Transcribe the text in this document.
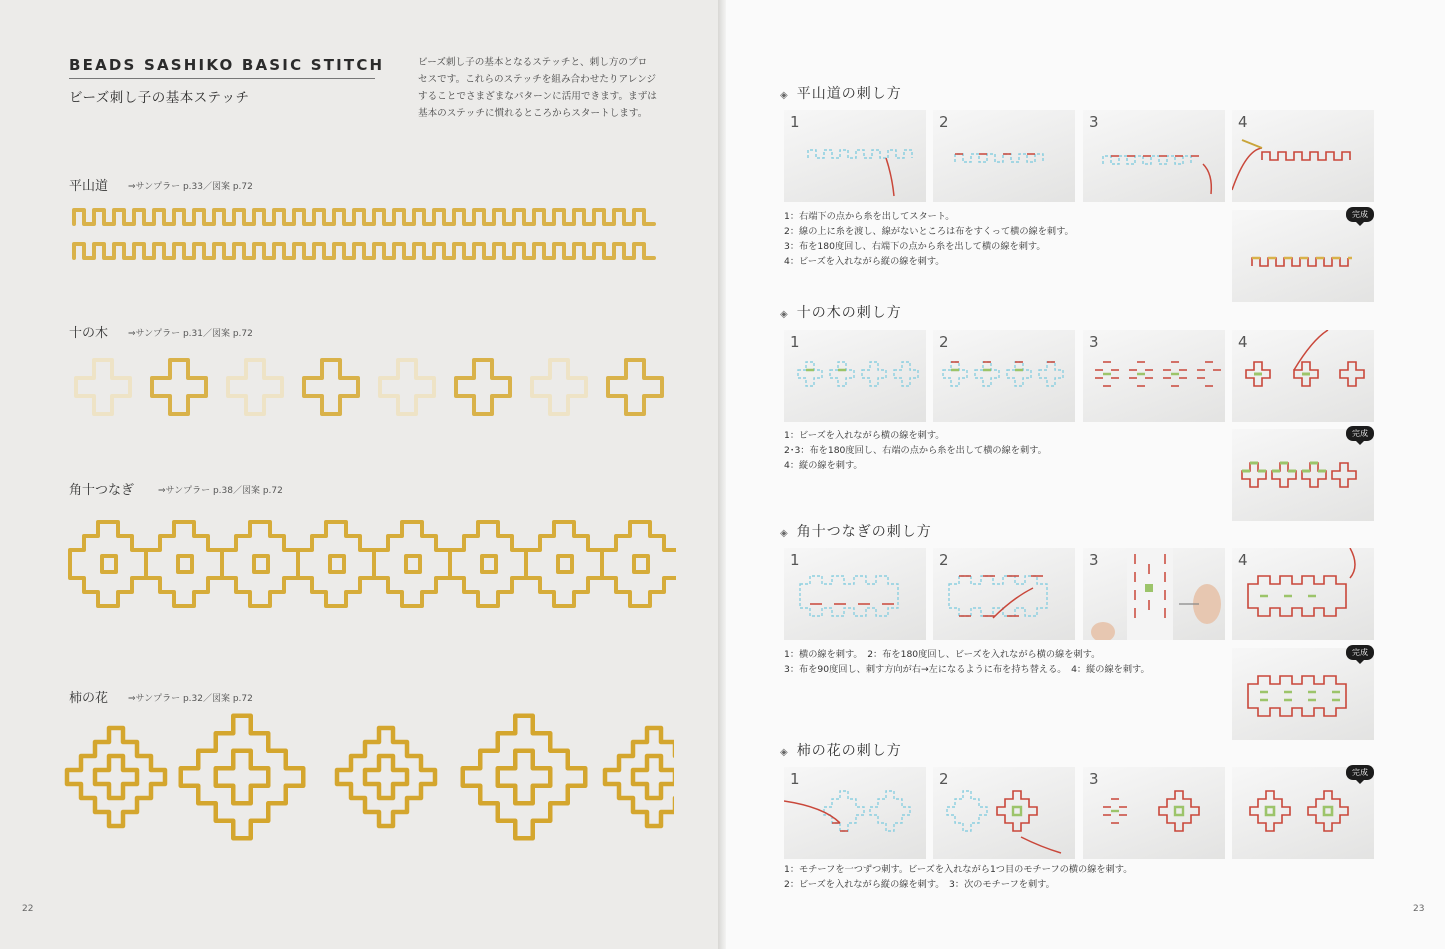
BEADS SASHIKO BASIC STITCH
ビーズ刺し子の基本ステッチ
ビーズ刺し子の基本となるステッチと、刺し方のプロ
セスです。これらのステッチを組み合わせたりアレンジ
することでさまざまなパターンに活用できます。まずは
基本のステッチに慣れるところからスタートします。
平山道 ⇒サンプラー p.33／図案 p.72
十の木 ⇒サンプラー p.31／図案 p.72
角十つなぎ	⇒サンプラー p.38／図案 p.72
柿の花 ⇒サンプラー p.32／図案 p.72
22
◈ 平山道の刺し方
1	2	3	4
1：右端下の点から糸を出してスタート。
2：線の上に糸を渡し、線がないところは布をすくって横の線を刺す。
3：布を180度回し、右端下の点から糸を出して横の線を刺す。
4：ビーズを入れながら縦の線を刺す。
完成
◈ 十の木の刺し方
1	2	3	4
1：ビーズを入れながら横の線を刺す。
2･3：布を180度回し、右端の点から糸を出して横の線を刺す。
4：縦の線を刺す。
完成
◈ 角十つなぎの刺し方
1	2	3	4
1：横の線を刺す。　2：布を180度回し、ビーズを入れながら横の線を刺す。
3：布を90度回し、刺す方向が右→左になるように布を持ち替える。　4：縦の線を刺す。
完成
◈ 柿の花の刺し方
1	2	3	完成
1：モチーフを一つずつ刺す。ビーズを入れながら1つ目のモチーフの横の線を刺す。
2：ビーズを入れながら縦の線を刺す。　3：次のモチーフを刺す。
23
